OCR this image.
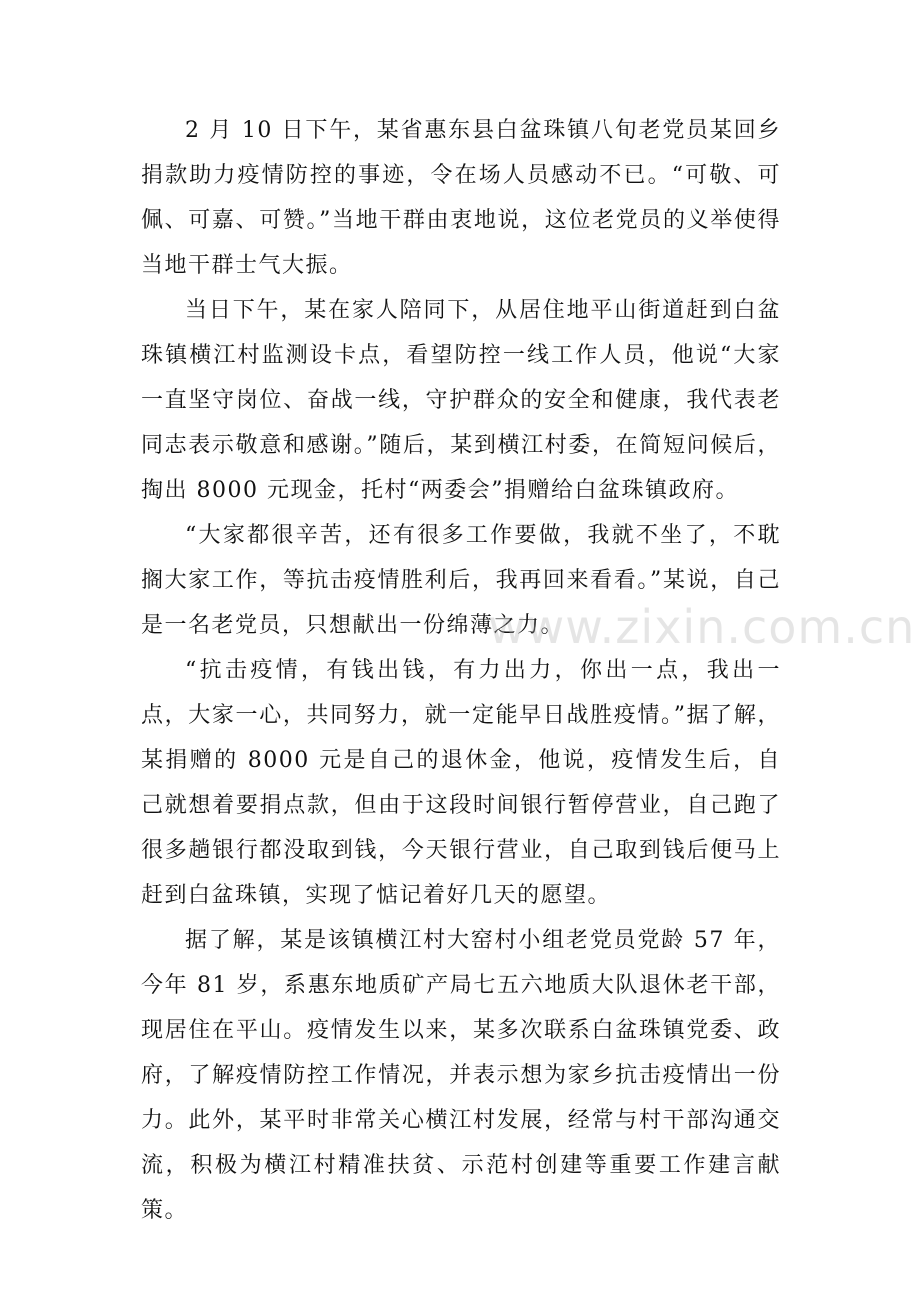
2 月 10 日下午，某省惠东县白盆珠镇八旬老党员某回乡捐款助力疫情防控的事迹，令在场人员感动不已。“可敬、可佩、可嘉、可赞。”当地干群由衷地说，这位老党员的义举使得当地干群士气大振。

当日下午，某在家人陪同下，从居住地平山街道赶到白盆珠镇横江村监测设卡点，看望防控一线工作人员，他说“大家一直坚守岗位、奋战一线，守护群众的安全和健康，我代表老同志表示敬意和感谢。”随后，某到横江村委，在简短问候后，掏出 8000 元现金，托村“两委会”捐赠给白盆珠镇政府。

“大家都很辛苦，还有很多工作要做，我就不坐了，不耽搁大家工作，等抗击疫情胜利后，我再回来看看。”某说，自己是一名老党员，只想献出一份绵薄之力。

“抗击疫情，有钱出钱，有力出力，你出一点，我出一点，大家一心，共同努力，就一定能早日战胜疫情。”据了解，某捐赠的 8000 元是自己的退休金，他说，疫情发生后，自己就想着要捐点款，但由于这段时间银行暂停营业，自己跑了很多趟银行都没取到钱，今天银行营业，自己取到钱后便马上赶到白盆珠镇，实现了惦记着好几天的愿望。

据了解，某是该镇横江村大窑村小组老党员党龄 57 年，今年 81 岁，系惠东地质矿产局七五六地质大队退休老干部，现居住在平山。疫情发生以来，某多次联系白盆珠镇党委、政府，了解疫情防控工作情况，并表示想为家乡抗击疫情出一份力。此外，某平时非常关心横江村发展，经常与村干部沟通交流，积极为横江村精准扶贫、示范村创建等重要工作建言献策。

www.zixin.com.cn
